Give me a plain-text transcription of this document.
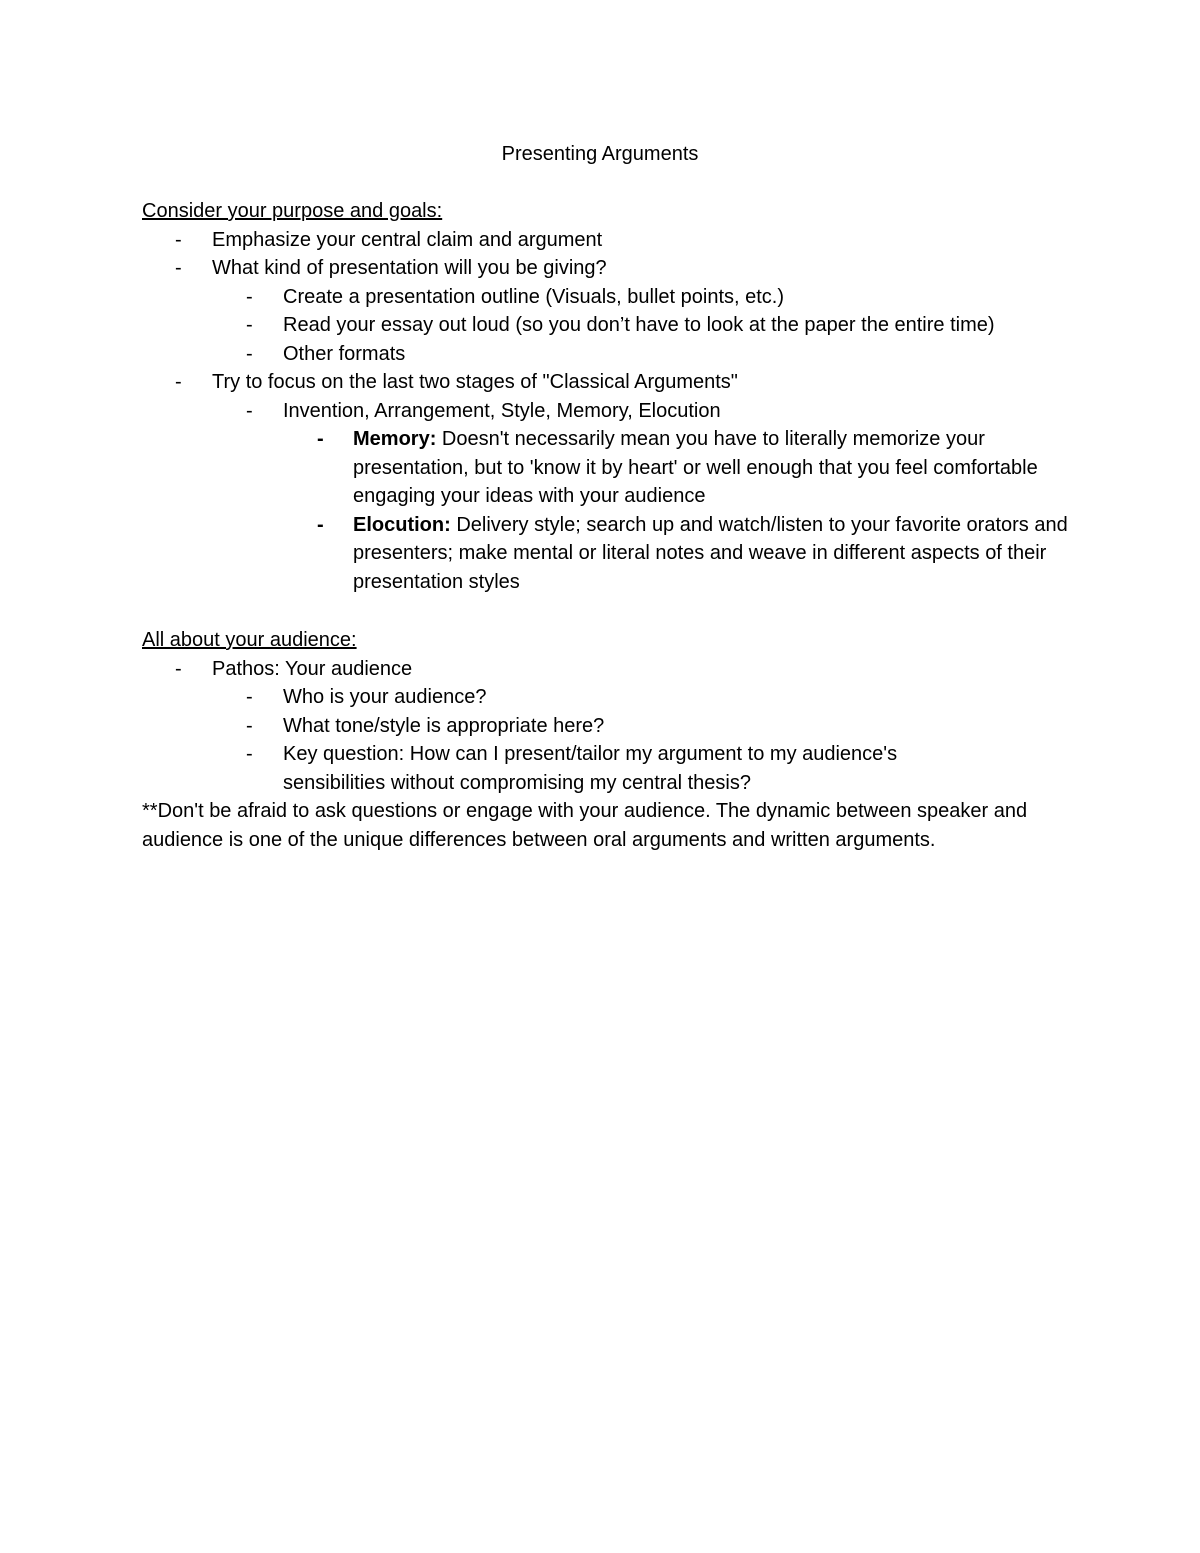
Presenting Arguments
Consider your purpose and goals:
- Emphasize your central claim and argument
- What kind of presentation will you be giving?
- Create a presentation outline (Visuals, bullet points, etc.)
- Read your essay out loud (so you don’t have to look at the paper the entire time)
- Other formats
- Try to focus on the last two stages of "Classical Arguments"
- Invention, Arrangement, Style, Memory, Elocution
- Memory: Doesn't necessarily mean you have to literally memorize your presentation, but to 'know it by heart' or well enough that you feel comfortable engaging your ideas with your audience
- Elocution: Delivery style; search up and watch/listen to your favorite orators and presenters; make mental or literal notes and weave in different aspects of their presentation styles
All about your audience:
- Pathos: Your audience
- Who is your audience?
- What tone/style is appropriate here?
- Key question: How can I present/tailor my argument to my audience's sensibilities without compromising my central thesis?
**Don't be afraid to ask questions or engage with your audience. The dynamic between speaker and audience is one of the unique differences between oral arguments and written arguments.
